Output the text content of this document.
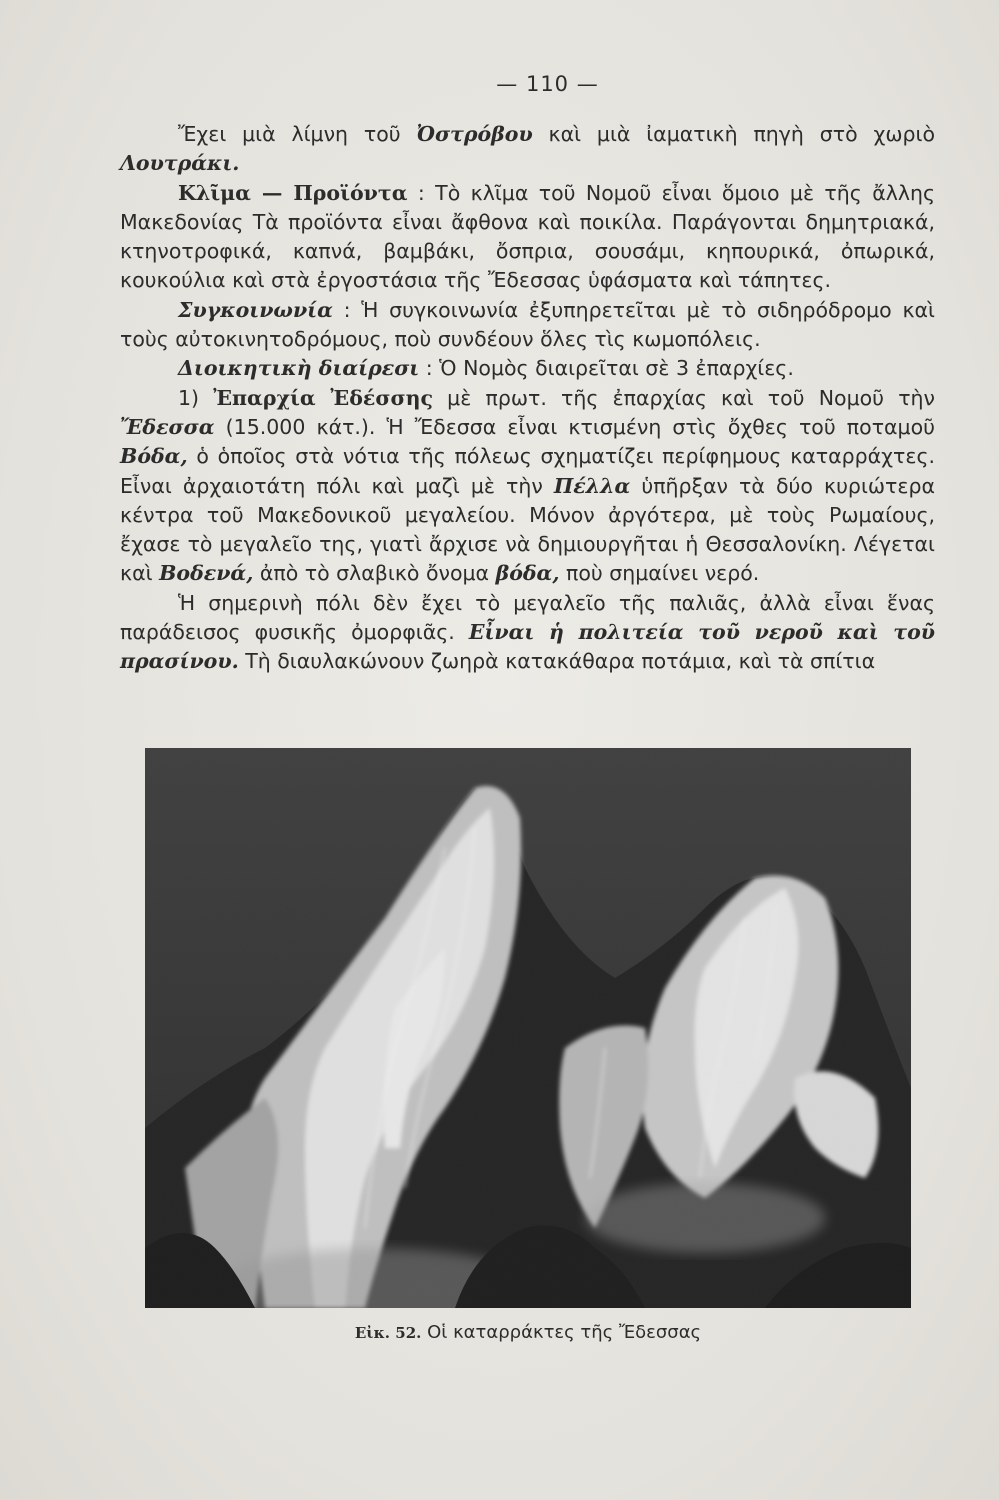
— 110 —

Ἔχει μιὰ λίμνη τοῦ Ὀστρόβου καὶ μιὰ ἰαματικὴ πηγὴ στὸ χωριὸ Λουτράκι.

Κλῖμα — Προϊόντα : Τὸ κλῖμα τοῦ Νομοῦ εἶναι ὅμοιο μὲ τῆς ἄλλης Μακεδονίας Τὰ προϊόντα εἶναι ἄφθονα καὶ ποικίλα. Παράγονται δημητριακά, κτηνοτροφικά, καπνά, βαμβάκι, ὄσπρια, σουσάμι, κηπουρικά, ὀπωρικά, κουκούλια καὶ στὰ ἐργοστάσια τῆς Ἔδεσσας ὑφάσματα καὶ τάπητες.

Συγκοινωνία : Ἡ συγκοινωνία ἐξυπηρετεῖται μὲ τὸ σιδηρόδρομο καὶ τοὺς αὐτοκινητοδρόμους, ποὺ συνδέουν ὅλες τὶς κωμοπόλεις.

Διοικητικὴ διαίρεσι : Ὁ Νομὸς διαιρεῖται σὲ 3 ἐπαρχίες.

1) Ἐπαρχία Ἐδέσσης μὲ πρωτ. τῆς ἐπαρχίας καὶ τοῦ Νομοῦ τὴν Ἔδεσσα (15.000 κάτ.). Ἡ Ἔδεσσα εἶναι κτισμένη στὶς ὄχθες τοῦ ποταμοῦ Βόδα, ὁ ὁποῖος στὰ νότια τῆς πόλεως σχηματίζει περίφημους καταρράχτες. Εἶναι ἀρχαιοτάτη πόλι καὶ μαζὶ μὲ τὴν Πέλλα ὑπῆρξαν τὰ δύο κυριώτερα κέντρα τοῦ Μακεδονικοῦ μεγαλείου. Μόνον ἀργότερα, μὲ τοὺς Ρωμαίους, ἔχασε τὸ μεγαλεῖο της, γιατὶ ἄρχισε νὰ δημιουργῆται ἡ Θεσσαλονίκη. Λέγεται καὶ Βοδενά, ἀπὸ τὸ σλαβικὸ ὄνομα βόδα, ποὺ σημαίνει νερό.

Ἡ σημερινὴ πόλι δὲν ἔχει τὸ μεγαλεῖο τῆς παλιᾶς, ἀλλὰ εἶναι ἕνας παράδεισος φυσικῆς ὀμορφιᾶς. Εἶναι ἡ πολιτεία τοῦ νεροῦ καὶ τοῦ πρασίνου. Τὴ διαυλακώνουν ζωηρὰ κατακάθαρα ποτάμια, καὶ τὰ σπίτια

Εἰκ. 52. Οἱ καταρράκτες τῆς Ἔδεσσας
